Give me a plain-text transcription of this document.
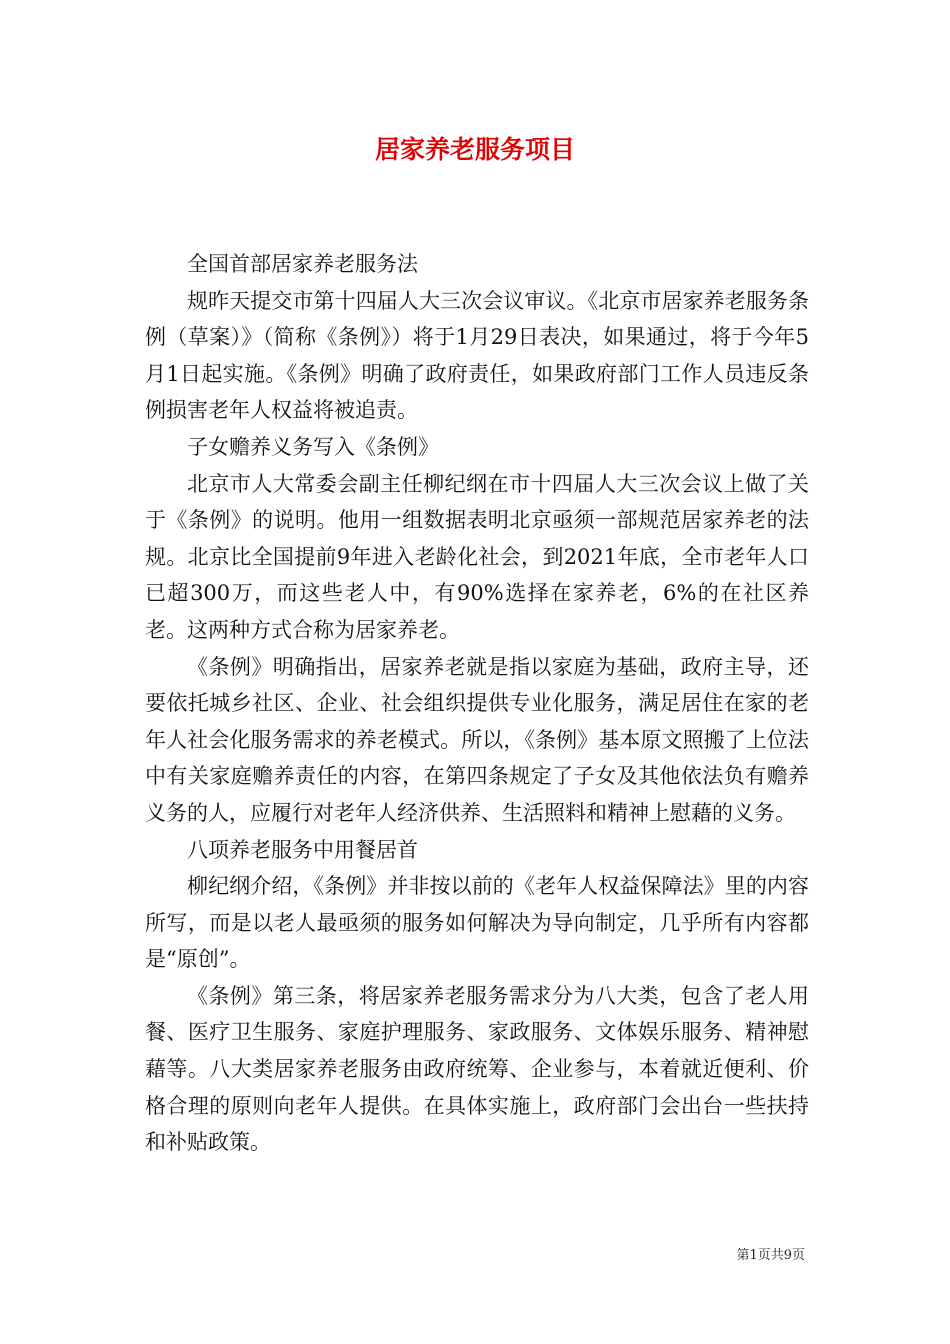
居家养老服务项目

全国首部居家养老服务法

规昨天提交市第十四届人大三次会议审议。《北京市居家养老服务条例（草案）》（简称《条例》）将于1月29日表决，如果通过，将于今年5月1日起实施。《条例》明确了政府责任，如果政府部门工作人员违反条例损害老年人权益将被追责。

子女赡养义务写入《条例》

北京市人大常委会副主任柳纪纲在市十四届人大三次会议上做了关于《条例》的说明。他用一组数据表明北京亟须一部规范居家养老的法规。北京比全国提前9年进入老龄化社会，到2021年底，全市老年人口已超300万，而这些老人中，有90%选择在家养老，6%的在社区养老。这两种方式合称为居家养老。

《条例》明确指出，居家养老就是指以家庭为基础，政府主导，还要依托城乡社区、企业、社会组织提供专业化服务，满足居住在家的老年人社会化服务需求的养老模式。所以，《条例》基本原文照搬了上位法中有关家庭赡养责任的内容，在第四条规定了子女及其他依法负有赡养义务的人，应履行对老年人经济供养、生活照料和精神上慰藉的义务。

八项养老服务中用餐居首

柳纪纲介绍，《条例》并非按以前的《老年人权益保障法》里的内容所写，而是以老人最亟须的服务如何解决为导向制定，几乎所有内容都是“原创”。

《条例》第三条，将居家养老服务需求分为八大类，包含了老人用餐、医疗卫生服务、家庭护理服务、家政服务、文体娱乐服务、精神慰藉等。八大类居家养老服务由政府统筹、企业参与，本着就近便利、价格合理的原则向老年人提供。在具体实施上，政府部门会出台一些扶持和补贴政策。

第1页共9页
